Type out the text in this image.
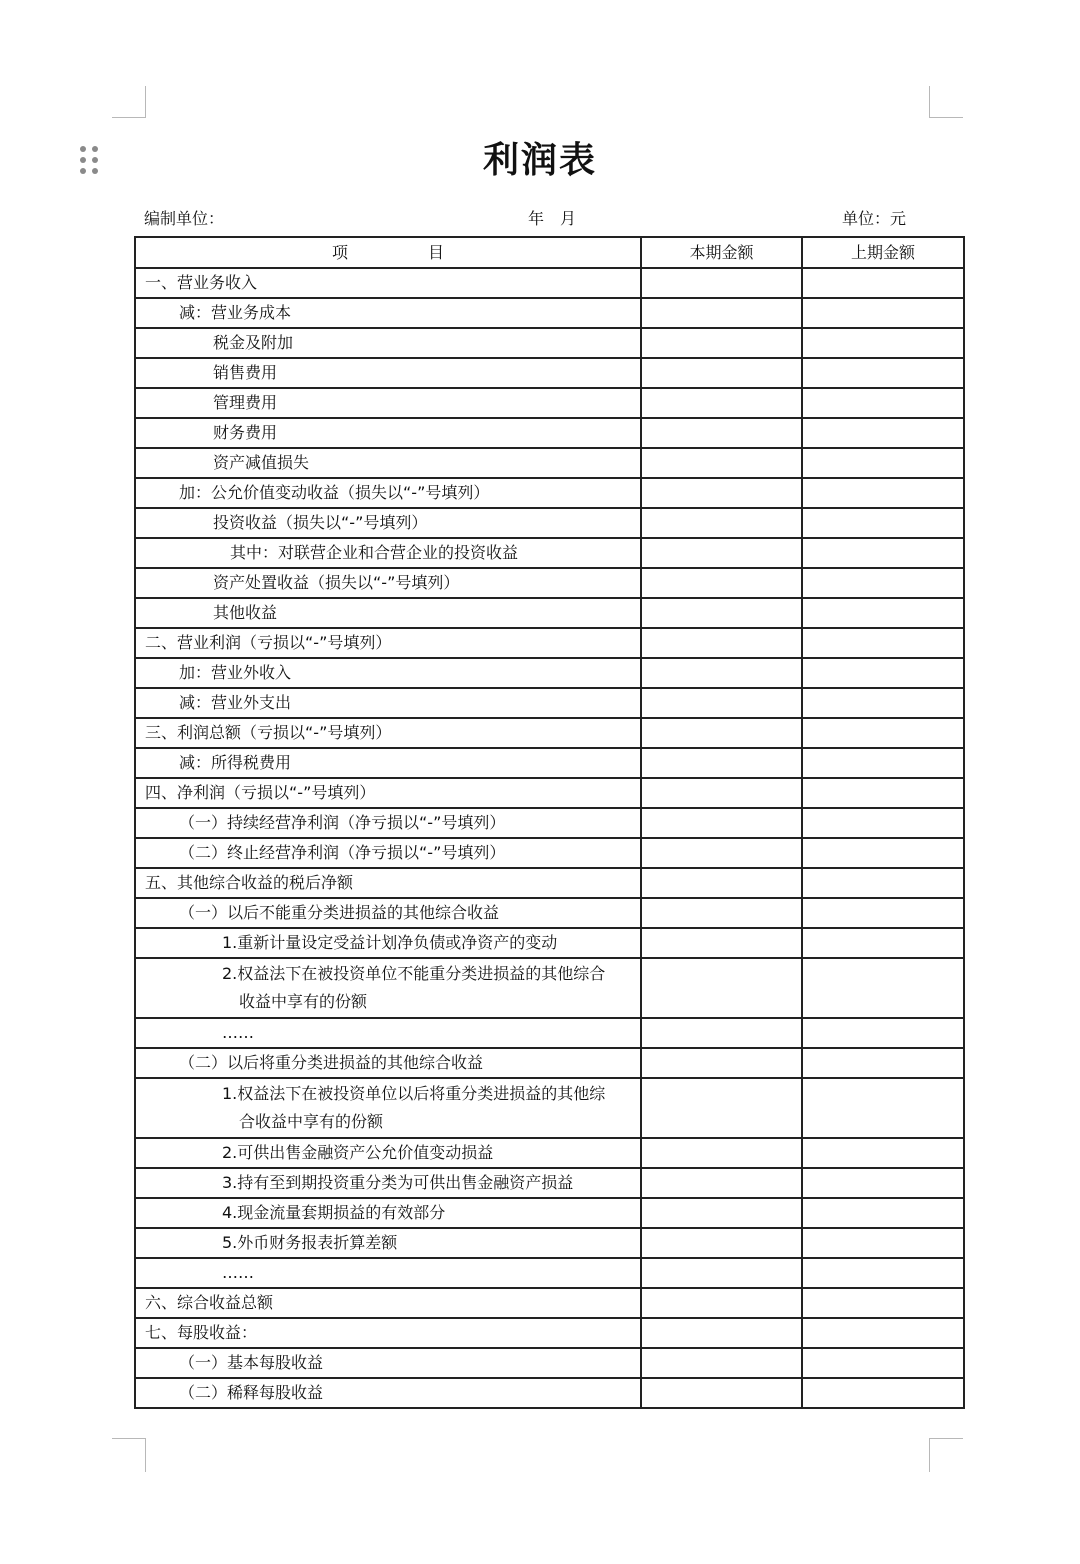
利润表
编制单位：	年　月	单位：元
项　　　　　目	本期金额	上期金额

一、营业务收入		

减：营业务成本		

税金及附加		

销售费用		

管理费用		

财务费用		

资产减值损失		

加：公允价值变动收益（损失以“-”号填列）		

投资收益（损失以“-”号填列）		

其中：对联营企业和合营企业的投资收益		

资产处置收益（损失以“-”号填列）		

其他收益		

二、营业利润（亏损以“-”号填列）		

加：营业外收入		

减：营业外支出		

三、利润总额（亏损以“-”号填列）		

减：所得税费用		

四、净利润（亏损以“-”号填列）		

（一）持续经营净利润（净亏损以“-”号填列）		

（二）终止经营净利润（净亏损以“-”号填列）		

五、其他综合收益的税后净额		

（一）以后不能重分类进损益的其他综合收益		

1.重新计量设定受益计划净负债或净资产的变动		

2.权益法下在被投资单位不能重分类进损益的其他综合
收益中享有的份额		

……		

（二）以后将重分类进损益的其他综合收益		

1.权益法下在被投资单位以后将重分类进损益的其他综
合收益中享有的份额		

2.可供出售金融资产公允价值变动损益		

3.持有至到期投资重分类为可供出售金融资产损益		

4.现金流量套期损益的有效部分		

5.外币财务报表折算差额		

……		

六、综合收益总额		

七、每股收益：		

（一）基本每股收益		

（二）稀释每股收益		
